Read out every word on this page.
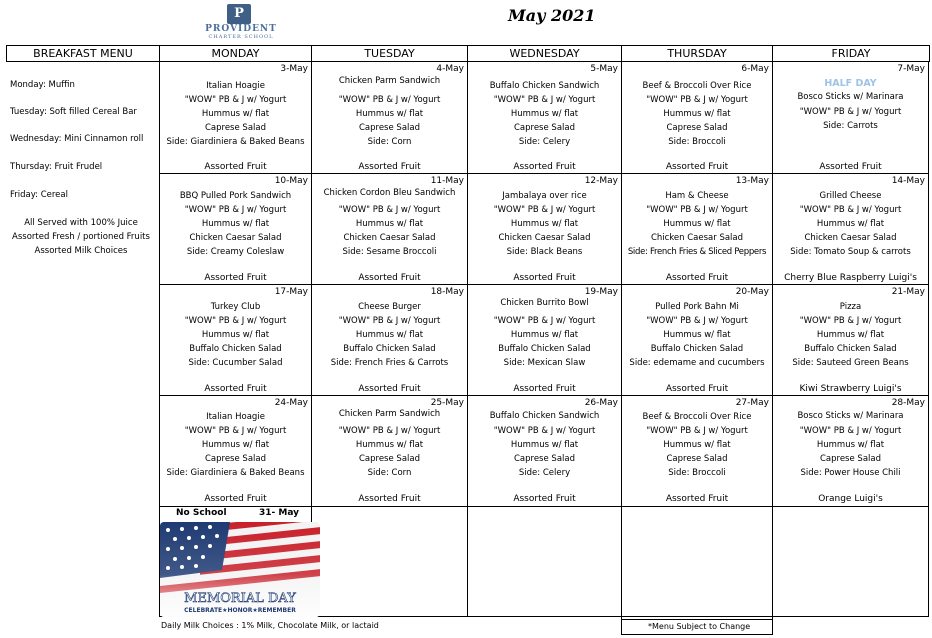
P
PROVIDENT
CHARTER SCHOOL
May 2021
BREAKFAST MENU	MONDAY	TUESDAY	WEDNESDAY	THURSDAY	FRIDAY
Monday: Muffin
Tuesday: Soft filled Cereal Bar
Wednesday: Mini Cinnamon roll
Thursday: Fruit Frudel
Friday: Cereal
All Served with 100% Juice
Assorted Fresh / portioned Fruits
Assorted Milk Choices
3-May
Italian Hoagie
"WOW" PB & J w/ Yogurt
Hummus w/ flat
Caprese Salad
Side: Giardiniera & Baked Beans
Assorted Fruit
4-May
Chicken Parm Sandwich
"WOW" PB & J w/ Yogurt
Hummus w/ flat
Caprese Salad
Side: Corn
Assorted Fruit
5-May
Buffalo Chicken Sandwich
"WOW" PB & J w/ Yogurt
Hummus w/ flat
Caprese Salad
Side: Celery
Assorted Fruit
6-May
Beef & Broccoli Over Rice
"WOW" PB & J w/ Yogurt
Hummus w/ flat
Caprese Salad
Side: Broccoli
Assorted Fruit
7-May
HALF DAY
Bosco Sticks w/ Marinara
"WOW" PB & J w/ Yogurt
Side: Carrots
Assorted Fruit
10-May
BBQ Pulled Pork Sandwich
"WOW" PB & J w/ Yogurt
Hummus w/ flat
Chicken Caesar Salad
Side: Creamy Coleslaw
Assorted Fruit
11-May
Chicken Cordon Bleu Sandwich
"WOW" PB & J w/ Yogurt
Hummus w/ flat
Chicken Caesar Salad
Side: Sesame Broccoli
Assorted Fruit
12-May
Jambalaya over rice
"WOW" PB & J w/ Yogurt
Hummus w/ flat
Chicken Caesar Salad
Side: Black Beans
Assorted Fruit
13-May
Ham & Cheese
"WOW" PB & J w/ Yogurt
Hummus w/ flat
Chicken Caesar Salad
Side: French Fries & Sliced Peppers
Assorted Fruit
14-May
Grilled Cheese
"WOW" PB & J w/ Yogurt
Hummus w/ flat
Chicken Caesar Salad
Side: Tomato Soup & carrots
Cherry Blue Raspberry Luigi's
17-May
Turkey Club
"WOW" PB & J w/ Yogurt
Hummus w/ flat
Buffalo Chicken Salad
Side: Cucumber Salad
Assorted Fruit
18-May
Cheese Burger
"WOW" PB & J w/ Yogurt
Hummus w/ flat
Buffalo Chicken Salad
Side: French Fries & Carrots
Assorted Fruit
19-May
Chicken Burrito Bowl
"WOW" PB & J w/ Yogurt
Hummus w/ flat
Buffalo Chicken Salad
Side: Mexican Slaw
Assorted Fruit
20-May
Pulled Pork Bahn Mi
"WOW" PB & J w/ Yogurt
Hummus w/ flat
Buffalo Chicken Salad
Side: edemame and cucumbers
Assorted Fruit
21-May
Pizza
"WOW" PB & J w/ Yogurt
Hummus w/ flat
Buffalo Chicken Salad
Side: Sauteed Green Beans
Kiwi Strawberry Luigi's
24-May
Italian Hoagie
"WOW" PB & J w/ Yogurt
Hummus w/ flat
Caprese Salad
Side: Giardiniera & Baked Beans
Assorted Fruit
25-May
Chicken Parm Sandwich
"WOW" PB & J w/ Yogurt
Hummus w/ flat
Caprese Salad
Side: Corn
Assorted Fruit
26-May
Buffalo Chicken Sandwich
"WOW" PB & J w/ Yogurt
Hummus w/ flat
Caprese Salad
Side: Celery
Assorted Fruit
27-May
Beef & Broccoli Over Rice
"WOW" PB & J w/ Yogurt
Hummus w/ flat
Caprese Salad
Side: Broccoli
Assorted Fruit
28-May
Bosco Sticks w/ Marinara
"WOW" PB & J w/ Yogurt
Hummus w/ flat
Caprese Salad
Side: Power House Chili
Orange Luigi's
No School	31- May
MEMORIAL DAY
CELEBRATE★HONOR★REMEMBER
Daily Milk Choices : 1% Milk, Chocolate Milk, or lactaid	*Menu Subject to Change
